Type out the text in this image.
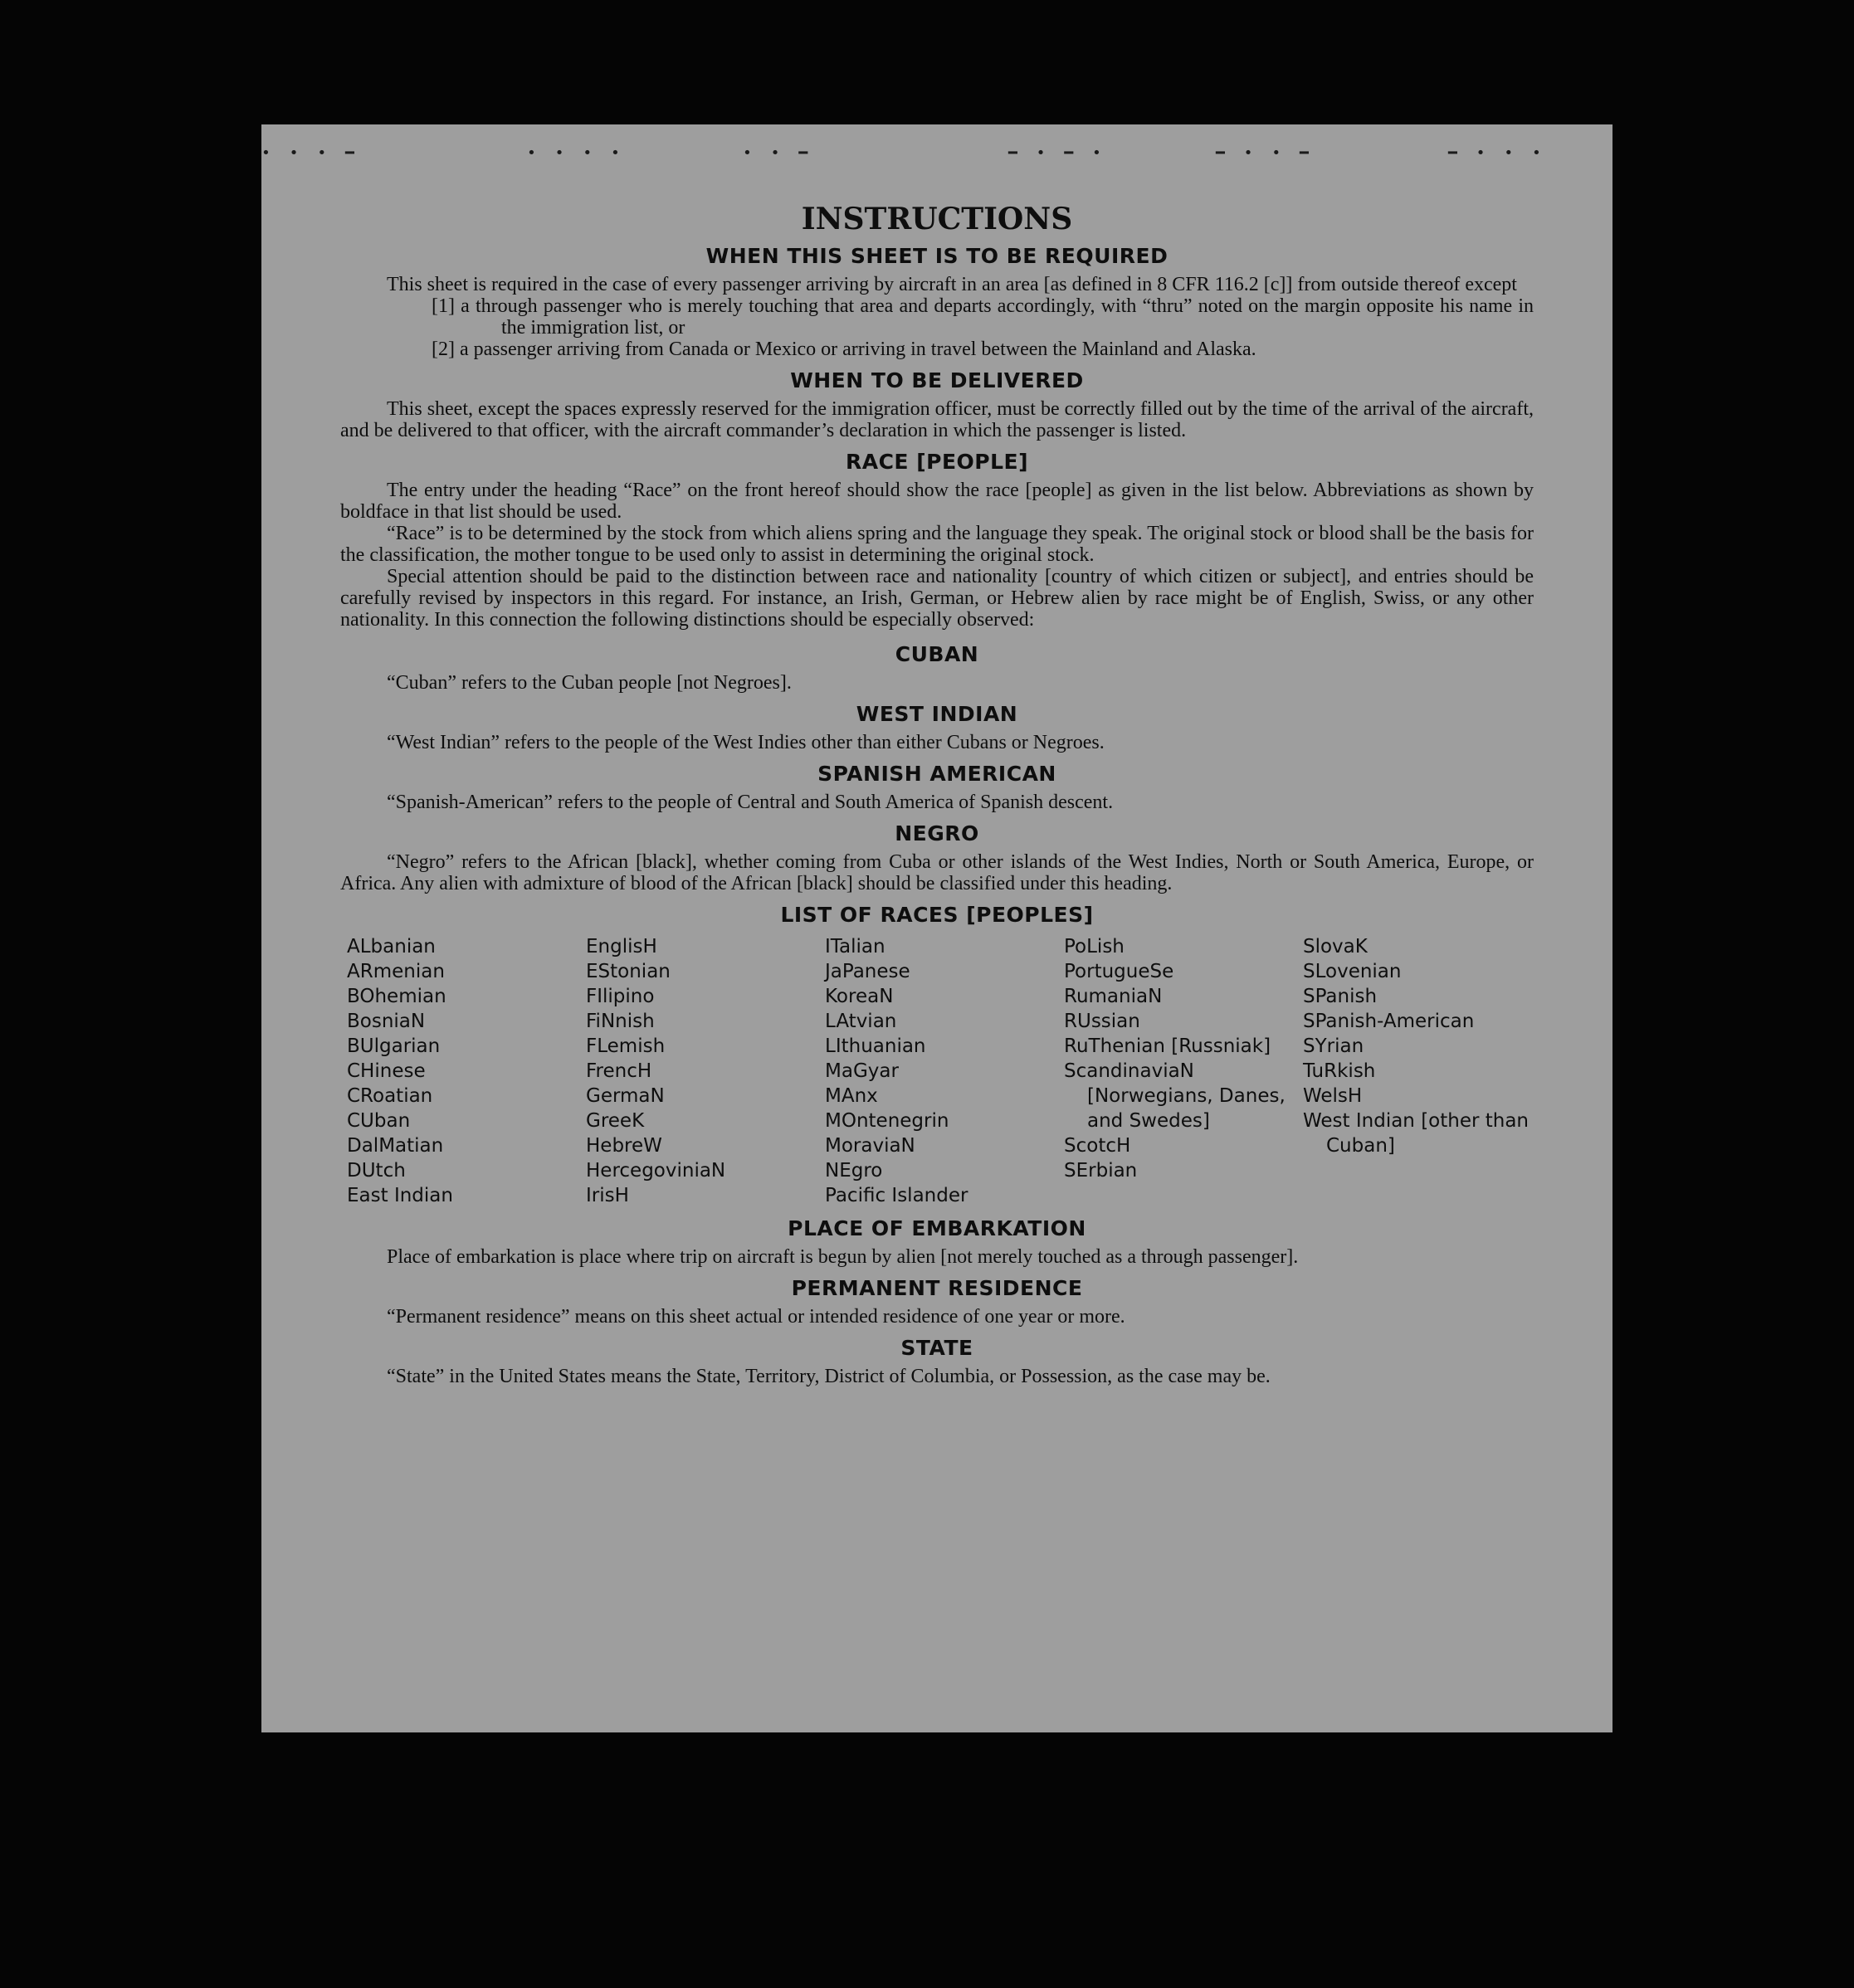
• • • ━	• • • •	• • ━	━ • ━ •	━ • • ━	━ • • •
INSTRUCTIONS
WHEN THIS SHEET IS TO BE REQUIRED

This sheet is required in the case of every passenger arriving by aircraft in an area [as defined in 8 CFR 116.2 [c]] from outside thereof except

[1] a through passenger who is merely touching that area and departs accordingly, with “thru” noted on the margin opposite his name in the immigration list, or
[2] a passenger arriving from Canada or Mexico or arriving in travel between the Mainland and Alaska.
WHEN TO BE DELIVERED

This sheet, except the spaces expressly reserved for the immigration officer, must be correctly filled out by the time of the arrival of the aircraft, and be delivered to that officer, with the aircraft commander’s declaration in which the passenger is listed.

RACE [PEOPLE]

The entry under the heading “Race” on the front hereof should show the race [people] as given in the list below. Abbreviations as shown by boldface in that list should be used.

“Race” is to be determined by the stock from which aliens spring and the language they speak. The original stock or blood shall be the basis for the classification, the mother tongue to be used only to assist in determining the original stock.

Special attention should be paid to the distinction between race and nationality [country of which citizen or subject], and entries should be carefully revised by inspectors in this regard. For instance, an Irish, German, or Hebrew alien by race might be of English, Swiss, or any other nationality. In this connection the following distinctions should be especially observed:

CUBAN

“Cuban” refers to the Cuban people [not Negroes].

WEST INDIAN

“West Indian” refers to the people of the West Indies other than either Cubans or Negroes.

SPANISH AMERICAN

“Spanish-American” refers to the people of Central and South America of Spanish descent.

NEGRO

“Negro” refers to the African [black], whether coming from Cuba or other islands of the West Indies, North or South America, Europe, or Africa. Any alien with admixture of blood of the African [black] should be classified under this heading.

LIST OF RACES [PEOPLES]
ALbanian
ARmenian
BOhemian
BosniaN
BUlgarian
CHinese
CRoatian
CUban
DalMatian
DUtch
East Indian
EnglisH
EStonian
FIlipino
FiNnish
FLemish
FrencH
GermaN
GreeK
HebreW
HercegoviniaN
IrisH
ITalian
JaPanese
KoreaN
LAtvian
LIthuanian
MaGyar
MAnx
MOntenegrin
MoraviaN
NEgro
Pacific Islander
PoLish
PortugueSe
RumaniaN
RUssian
RuThenian [Russniak]
ScandinaviaN [Norwegians, Danes, and Swedes]
ScotcH
SErbian
SlovaK
SLovenian
SPanish
SPanish-American
SYrian
TuRkish
WelsH
West Indian [other than Cuban]
PLACE OF EMBARKATION

Place of embarkation is place where trip on aircraft is begun by alien [not merely touched as a through passenger].

PERMANENT RESIDENCE

“Permanent residence” means on this sheet actual or intended residence of one year or more.

STATE

“State” in the United States means the State, Territory, District of Columbia, or Possession, as the case may be.
